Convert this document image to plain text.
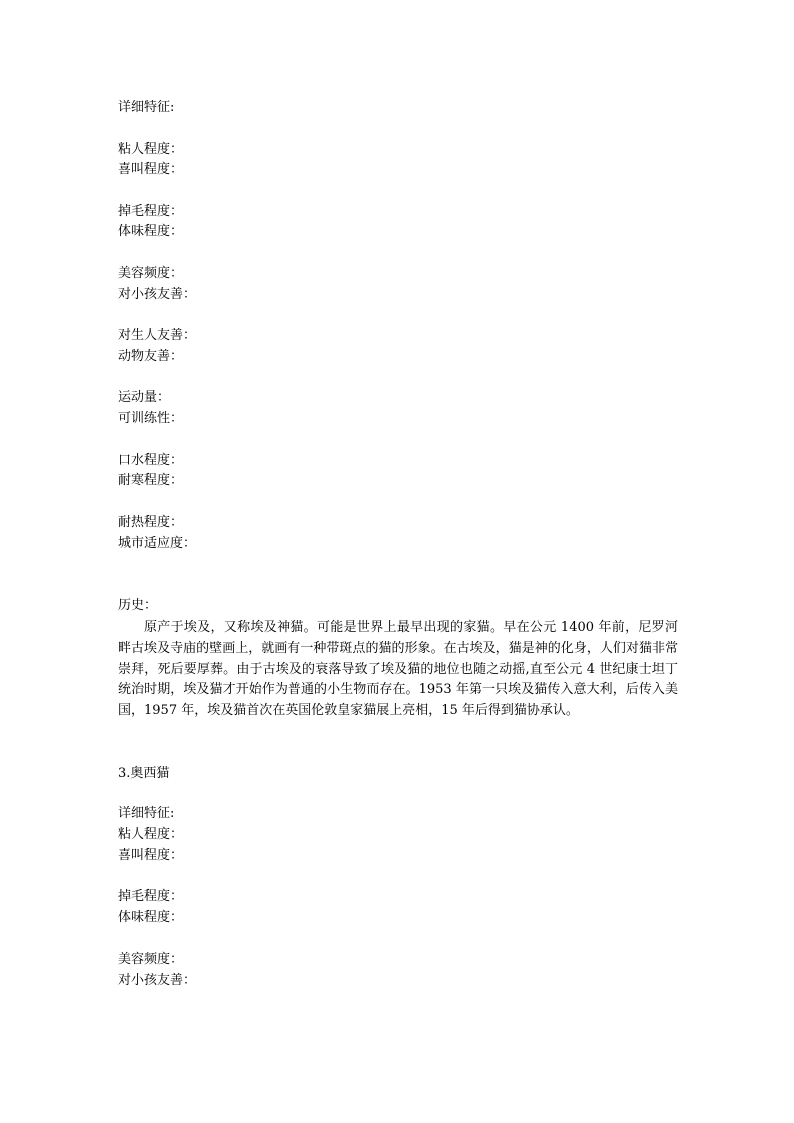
详细特征:
粘人程度：
喜叫程度：
掉毛程度：
体味程度：
美容频度：
对小孩友善：
对生人友善：
动物友善：
运动量：
可训练性：
口水程度：
耐寒程度：
耐热程度：
城市适应度：
历史：
原产于埃及，又称埃及神猫。可能是世界上最早出现的家猫。早在公元 1400 年前，尼罗河畔古埃及寺庙的壁画上，就画有一种带斑点的猫的形象。在古埃及，猫是神的化身，人们对猫非常崇拜，死后要厚葬。由于古埃及的衰落导致了埃及猫的地位也随之动摇,直至公元 4 世纪康士坦丁统治时期，埃及猫才开始作为普通的小生物而存在。1953 年第一只埃及猫传入意大利，后传入美国，1957 年，埃及猫首次在英国伦敦皇家猫展上亮相，15 年后得到猫协承认。
3.奥西猫
详细特征:
粘人程度：
喜叫程度：
掉毛程度：
体味程度：
美容频度：
对小孩友善：
